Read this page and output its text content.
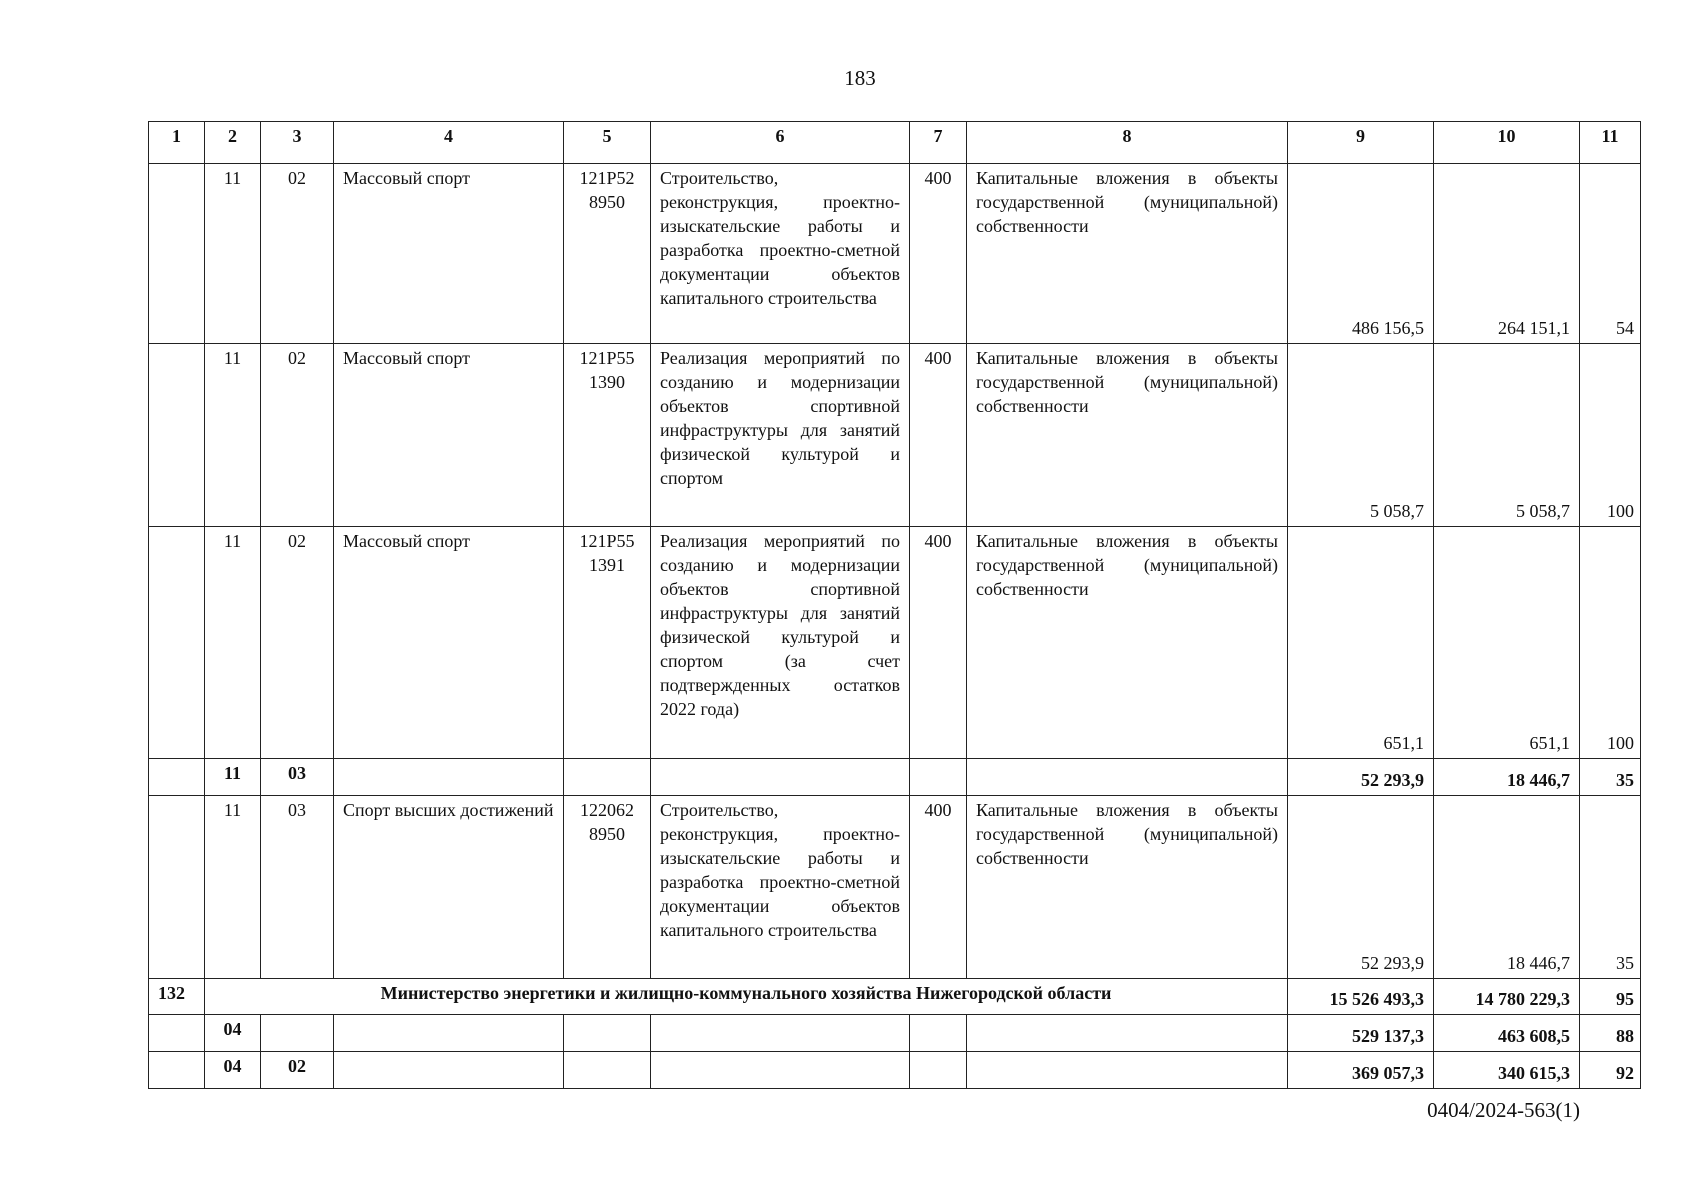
183
1	2	3	4	5	6	7	8	9	10	11
	11	02	Массовый спорт	121P52 8950	Строительство, реконструкция, проектно-изыскательские работы и разработка проектно-сметной документации объектов капитального строительства	400	Капитальные вложения в объекты государственной (муниципальной) собственности	486 156,5	264 151,1	54
	11	02	Массовый спорт	121P55 1390	Реализация мероприятий по созданию и модернизации объектов спортивной инфраструктуры для занятий физической культурой и спортом	400	Капитальные вложения в объекты государственной (муниципальной) собственности	5 058,7	5 058,7	100
	11	02	Массовый спорт	121P55 1391	Реализация мероприятий по созданию и модернизации объектов спортивной инфраструктуры для занятий физической культурой и спортом (за счет подтвержденных остатков 2022 года)	400	Капитальные вложения в объекты государственной (муниципальной) собственности	651,1	651,1	100
	11	03						52 293,9	18 446,7	35
	11	03	Спорт высших достижений	122062 8950	Строительство, реконструкция, проектно-изыскательские работы и разработка проектно-сметной документации объектов капитального строительства	400	Капитальные вложения в объекты государственной (муниципальной) собственности	52 293,9	18 446,7	35
132	Министерство энергетики и жилищно-коммунального хозяйства Нижегородской области							15 526 493,3	14 780 229,3	95
	04							529 137,3	463 608,5	88
	04	02						369 057,3	340 615,3	92
0404/2024-563(1)
